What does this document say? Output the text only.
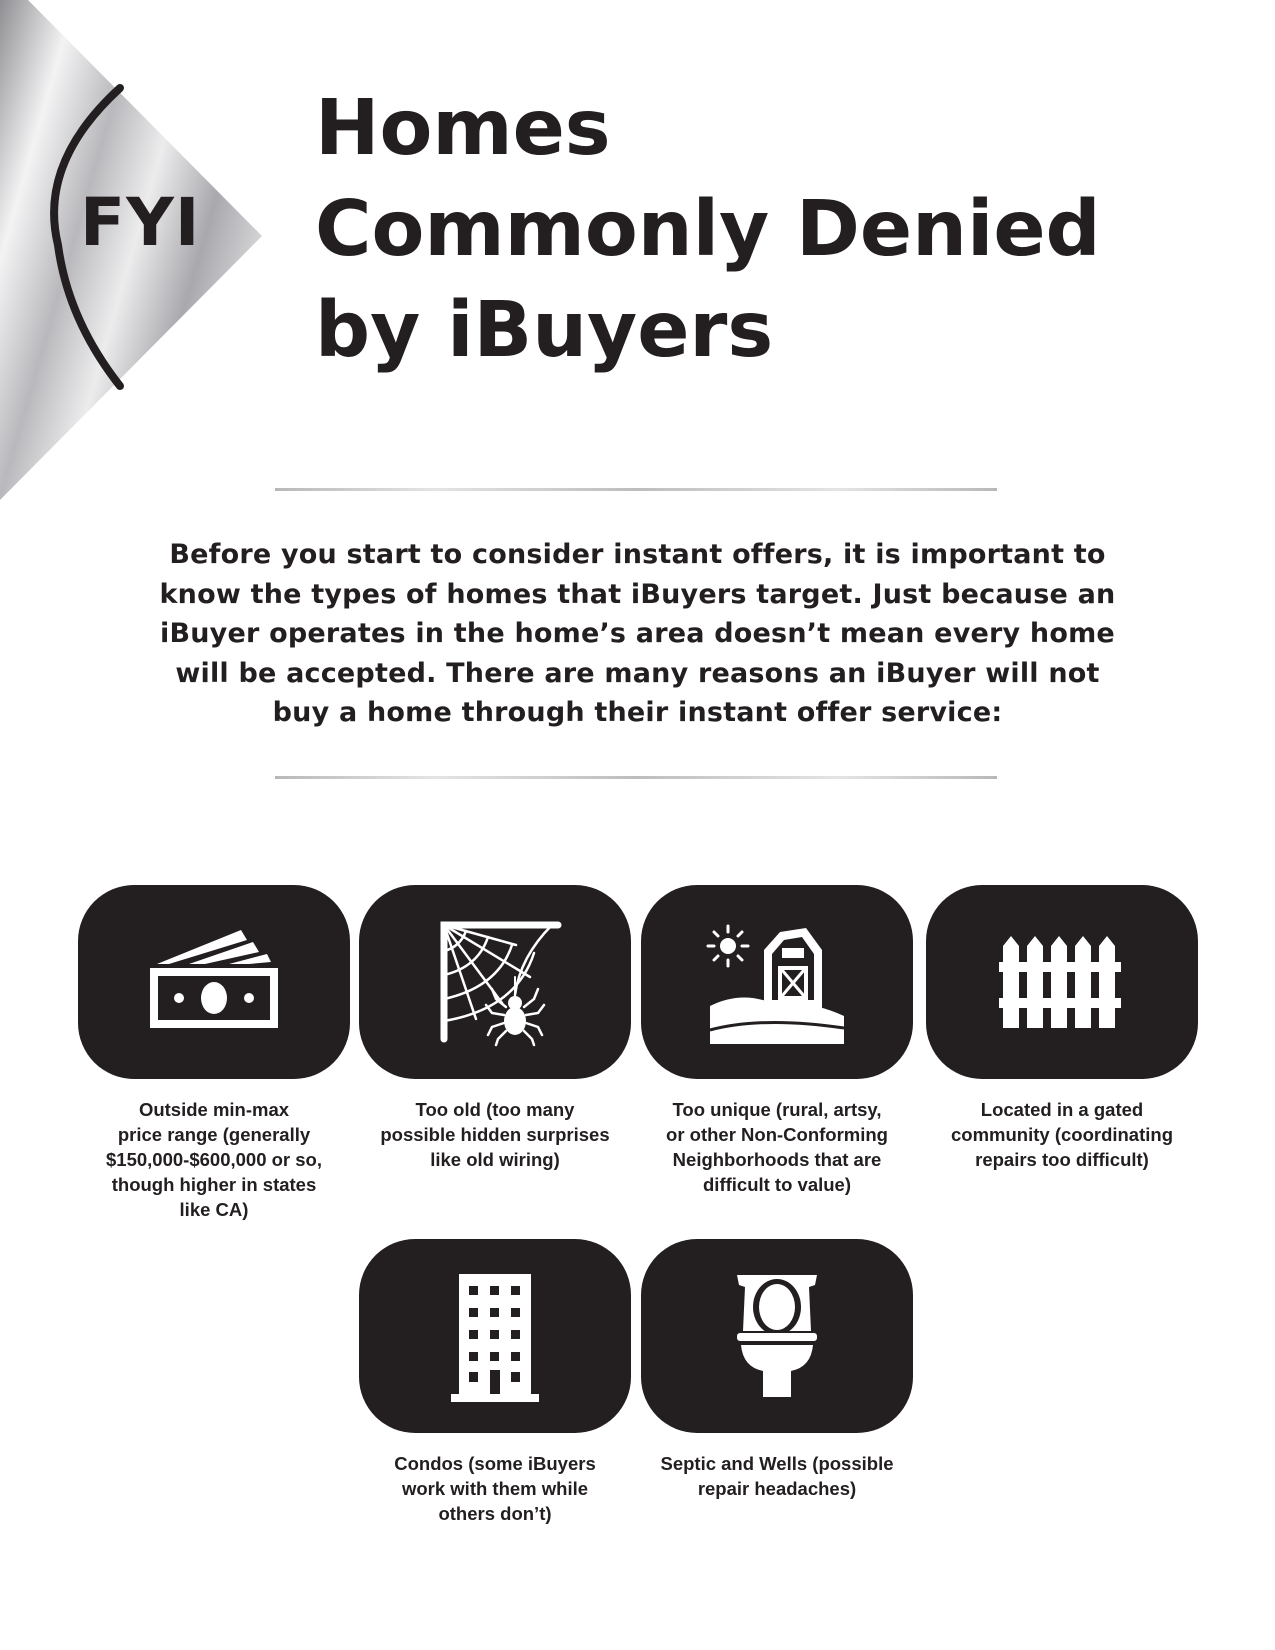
FYI
Homes
Commonly Denied
by iBuyers
Before you start to consider instant offers, it is important to
know the types of homes that iBuyers target. Just because an
iBuyer operates in the home’s area doesn’t mean every home
will be accepted. There are many reasons an iBuyer will not
buy a home through their instant offer service:
Outside min-max
price range (generally
$150,000-$600,000 or so,
though higher in states
like CA)
Too old (too many
possible hidden surprises
like old wiring)
Too unique (rural, artsy,
or other Non-Conforming
Neighborhoods that are
difficult to value)
Located in a gated
community (coordinating
repairs too difficult)
Condos (some iBuyers
work with them while
others don’t)
Septic and Wells (possible
repair headaches)
